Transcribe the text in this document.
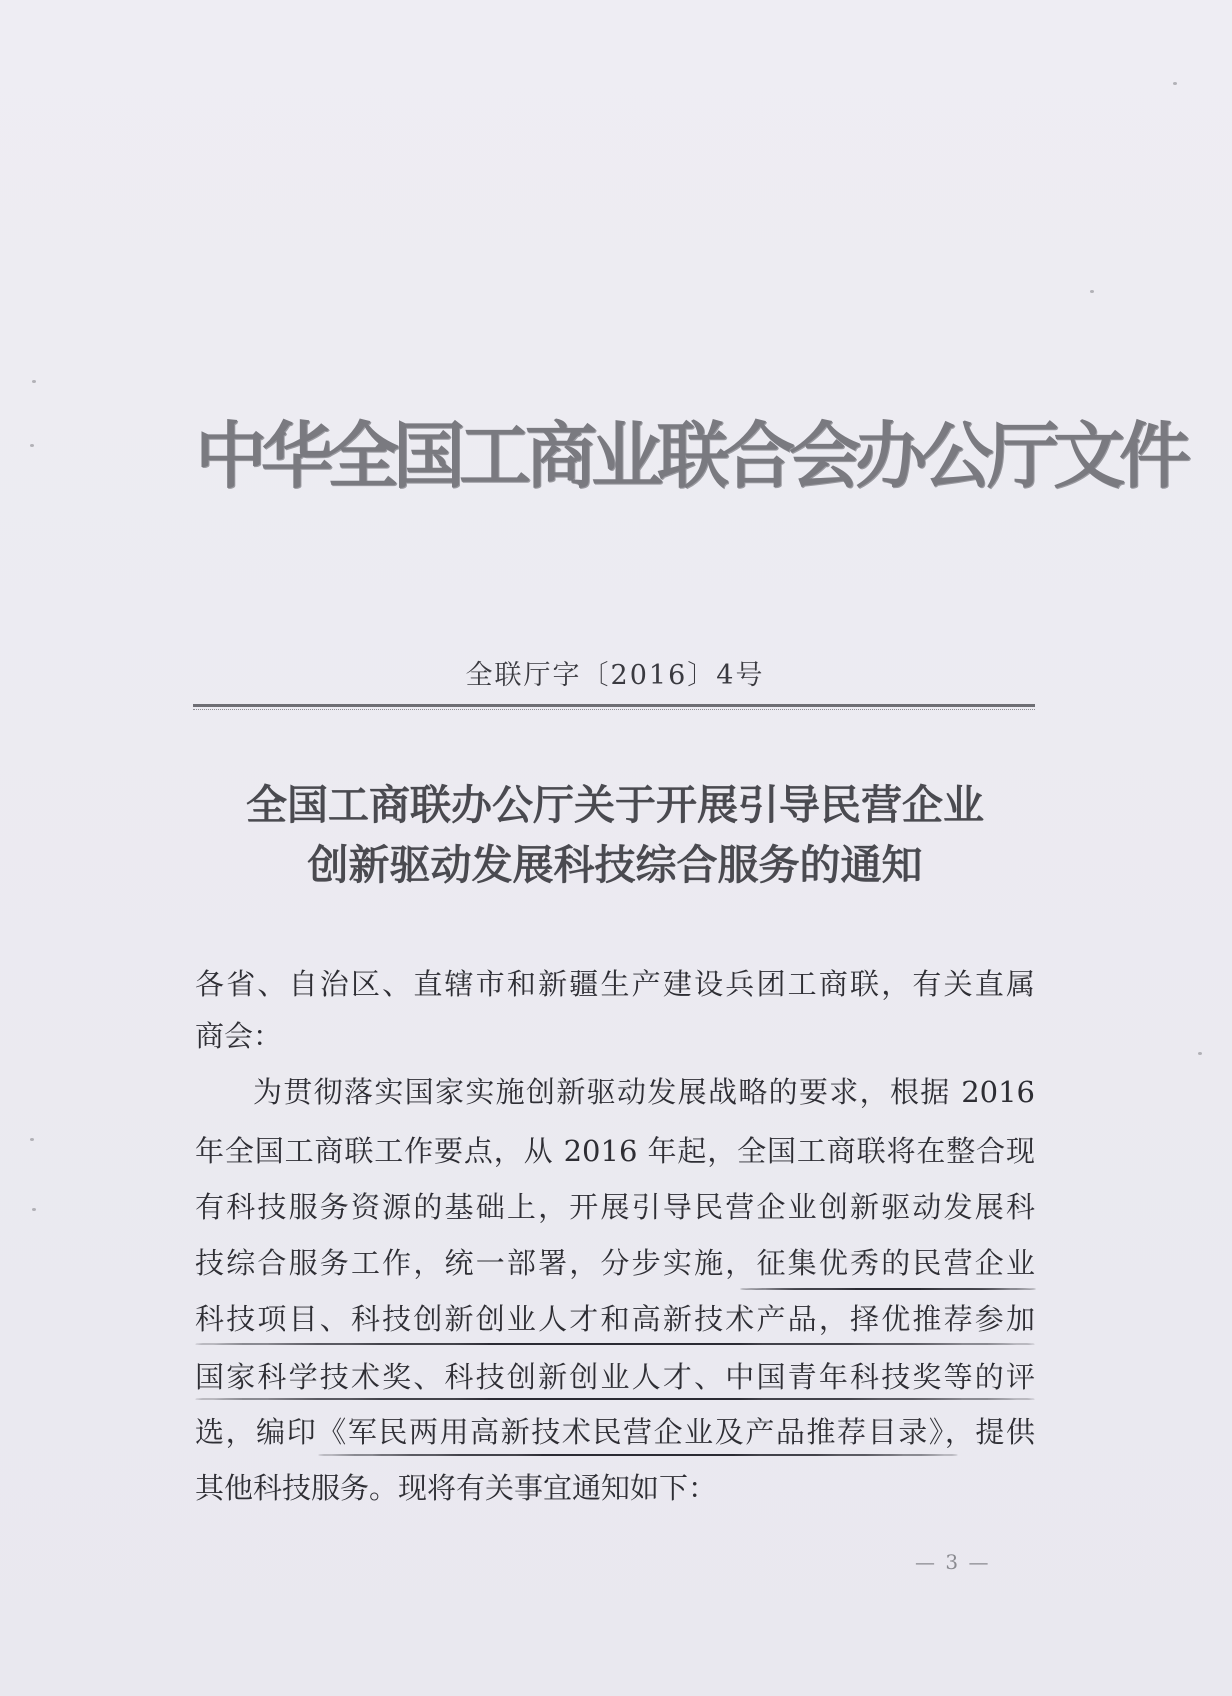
中华全国工商业联合会办公厅文件
全联厅字〔2016〕4号
全国工商联办公厅关于开展引导民营企业
创新驱动发展科技综合服务的通知
各省、自治区、直辖市和新疆生产建设兵团工商联，有关直属
商会：
为贯彻落实国家实施创新驱动发展战略的要求，根据 2016
年全国工商联工作要点，从 2016 年起，全国工商联将在整合现
有科技服务资源的基础上，开展引导民营企业创新驱动发展科
技综合服务工作，统一部署，分步实施，征集优秀的民营企业
科技项目、科技创新创业人才和高新技术产品，择优推荐参加
国家科学技术奖、科技创新创业人才、中国青年科技奖等的评
选，编印《军民两用高新技术民营企业及产品推荐目录》，提供
其他科技服务。现将有关事宜通知如下：
— 3 —
